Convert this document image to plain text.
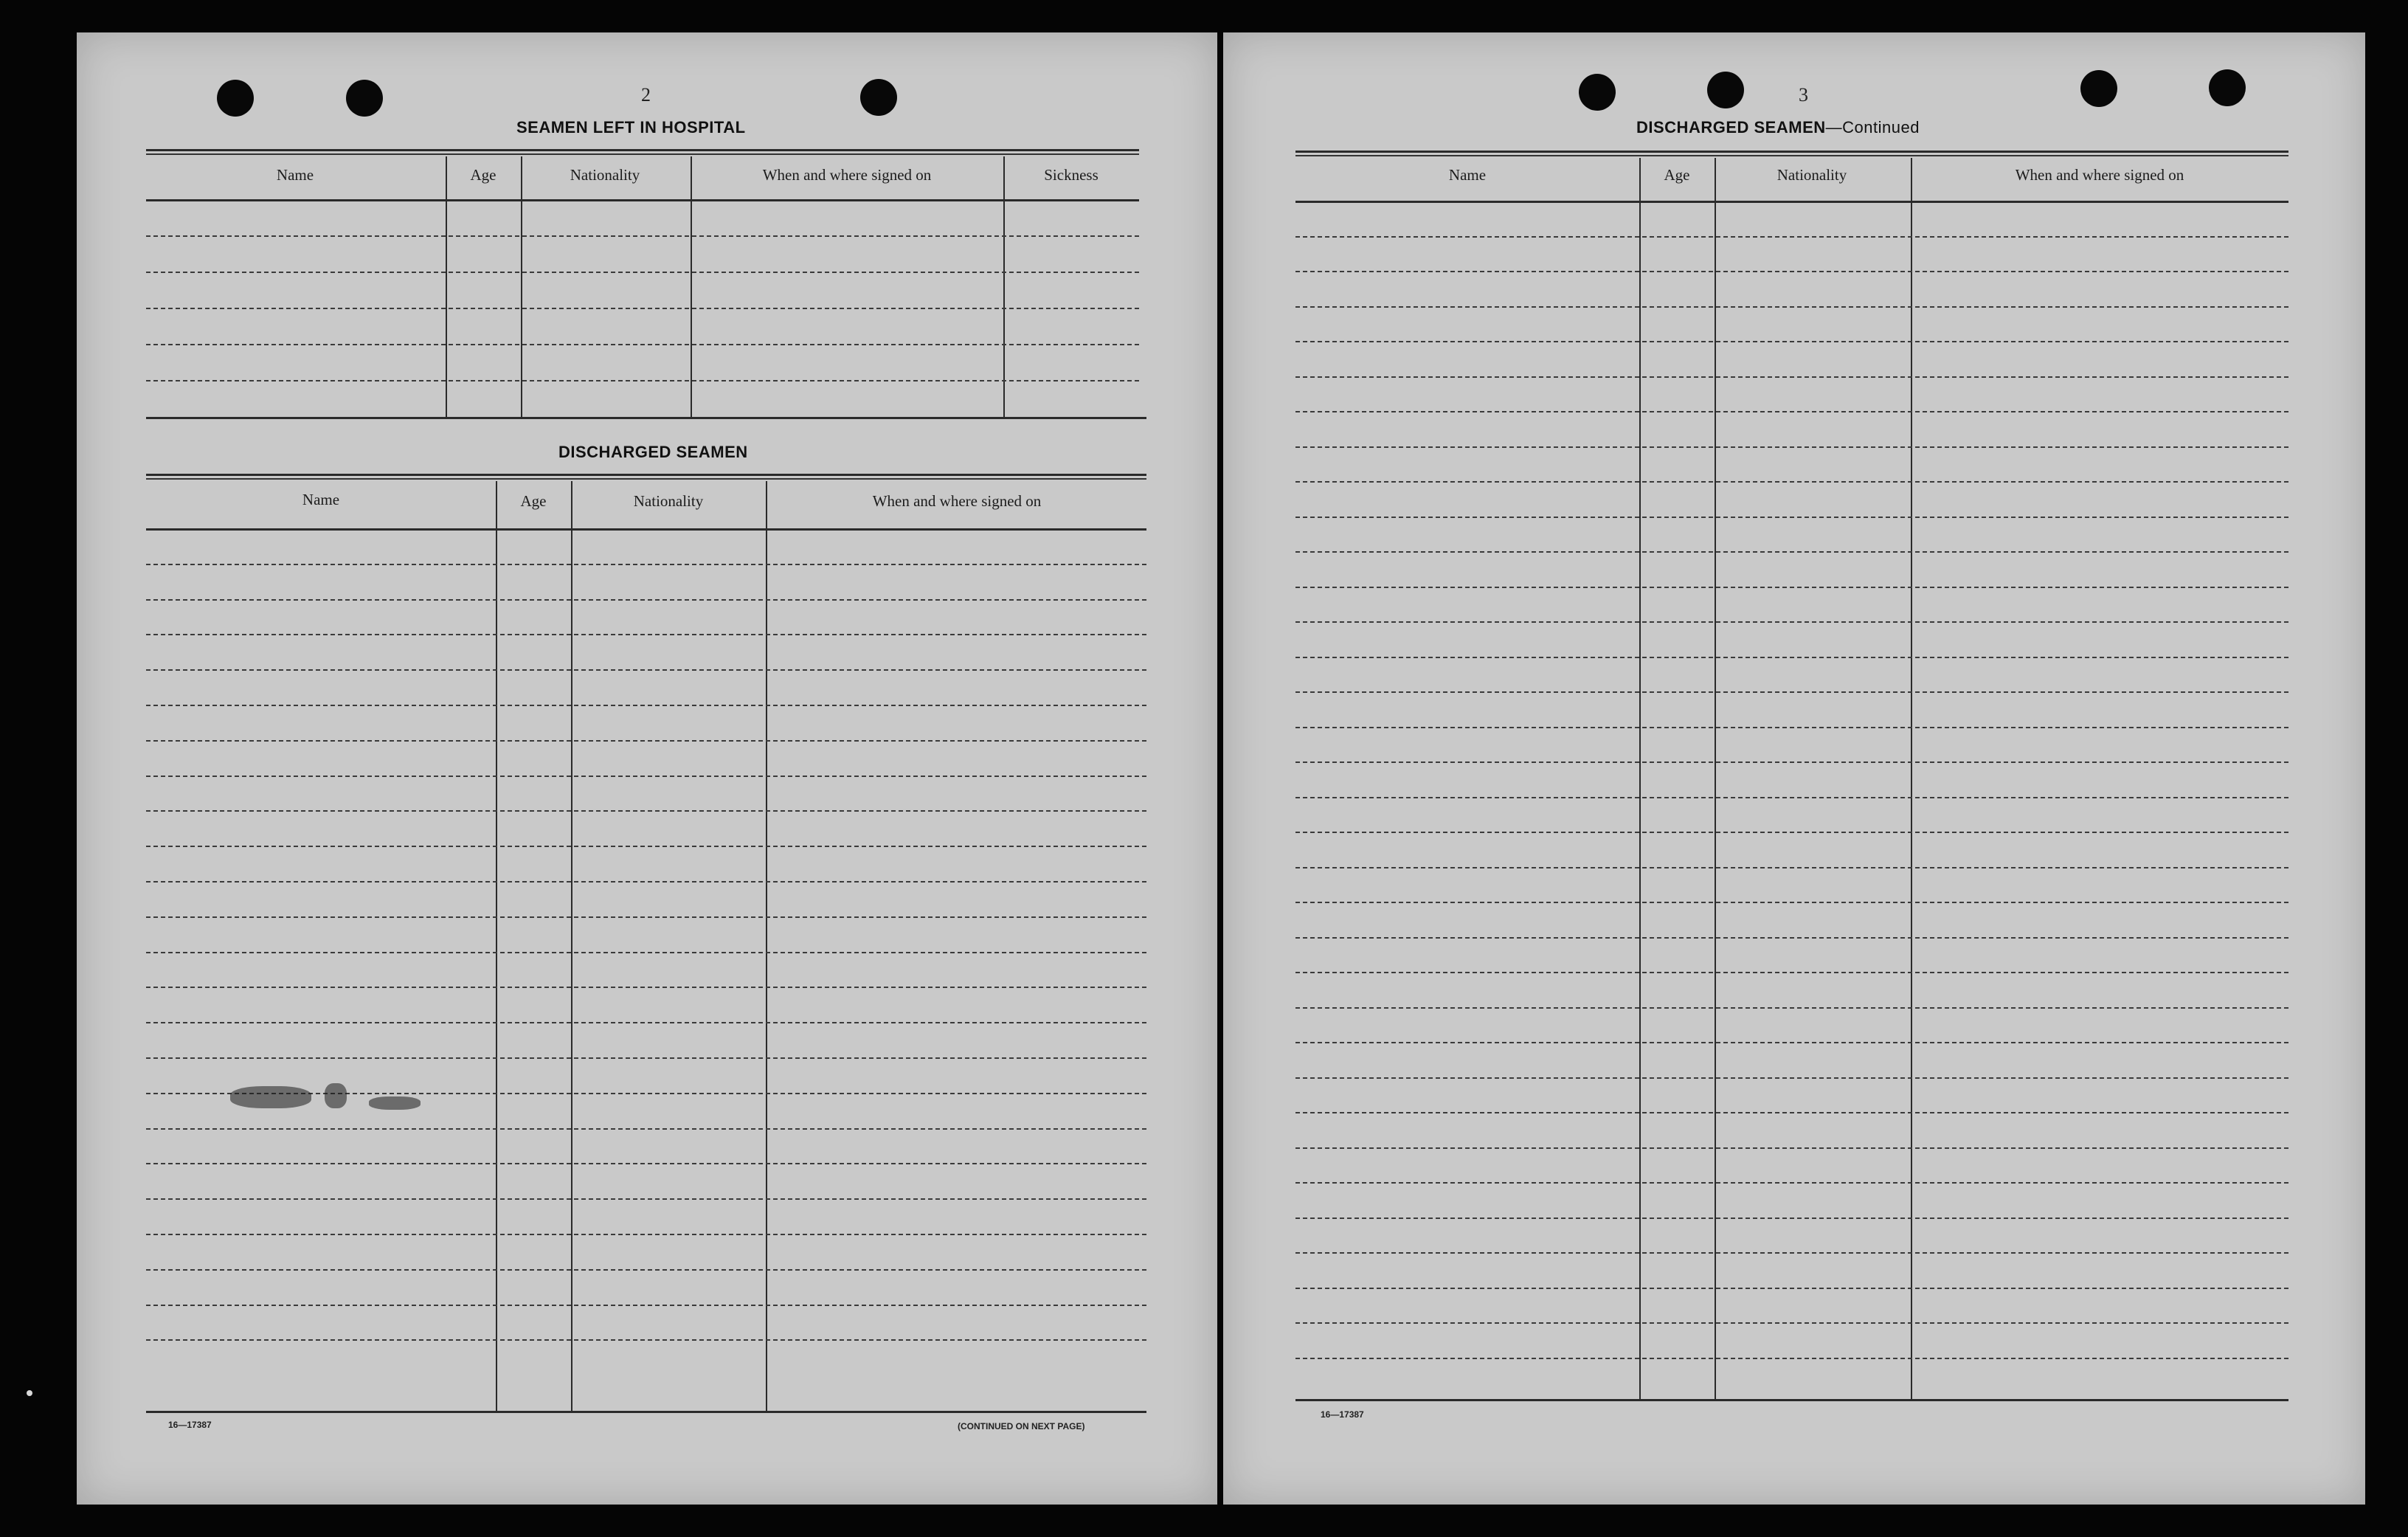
2
SEAMEN LEFT IN HOSPITAL
Name	Age	Nationality	When and where signed on	Sickness
DISCHARGED SEAMEN
Name	Age	Nationality	When and where signed on
16—17387	(CONTINUED ON NEXT PAGE)
3
DISCHARGED SEAMEN—Continued
Name	Age	Nationality	When and where signed on
16—17387
